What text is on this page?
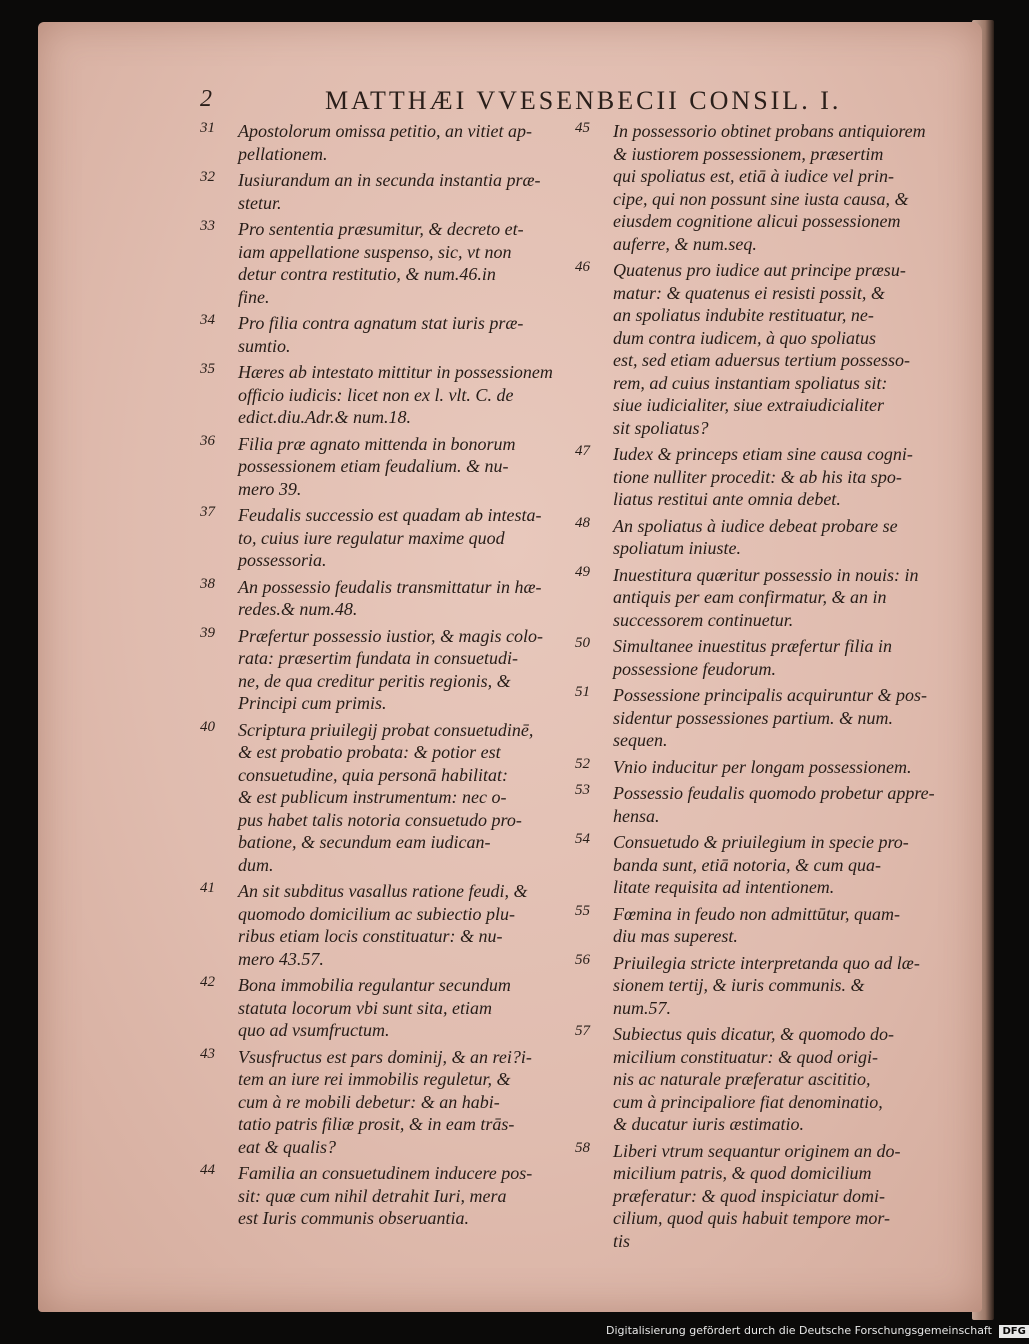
2	MATTHÆI VVESENBECII CONSIL. I.
31	Apostolorum omissa petitio, an vitiet ap-
pellationem.
32	Iusiurandum an in secunda instantia præ-
stetur.
33	Pro sententia præsumitur, & decreto et-
iam appellatione suspenso, sic, vt non
detur contra restitutio, & num.46.in
fine.
34	Pro filia contra agnatum stat iuris præ-
sumtio.
35	Hæres ab intestato mittitur in possessionem
officio iudicis: licet non ex l. vlt. C. de
edict.diu.Adr.& num.18.
36	Filia præ agnato mittenda in bonorum
possessionem etiam feudalium. & nu-
mero 39.
37	Feudalis successio est quadam ab intesta-
to, cuius iure regulatur maxime quod
possessoria.
38	An possessio feudalis transmittatur in hæ-
redes.& num.48.
39	Præfertur possessio iustior, & magis colo-
rata: præsertim fundata in consuetudi-
ne, de qua creditur peritis regionis, &
Principi cum primis.
40	Scriptura priuilegij probat consuetudinē,
& est probatio probata: & potior est
consuetudine, quia personā habilitat:
& est publicum instrumentum: nec o-
pus habet talis notoria consuetudo pro-
batione, & secundum eam iudican-
dum.
41	An sit subditus vasallus ratione feudi, &
quomodo domicilium ac subiectio plu-
ribus etiam locis constituatur: & nu-
mero 43.57.
42	Bona immobilia regulantur secundum
statuta locorum vbi sunt sita, etiam
quo ad vsumfructum.
43	Vsusfructus est pars dominij, & an rei?i-
tem an iure rei immobilis reguletur, &
cum à re mobili debetur: & an habi-
tatio patris filiæ prosit, & in eam trās-
eat & qualis?
44	Familia an consuetudinem inducere pos-
sit: quæ cum nihil detrahit Iuri, mera
est Iuris communis obseruantia.
45	In possessorio obtinet probans antiquiorem
& iustiorem possessionem, præsertim
qui spoliatus est, etiā à iudice vel prin-
cipe, qui non possunt sine iusta causa, &
eiusdem cognitione alicui possessionem
auferre, & num.seq.
46	Quatenus pro iudice aut principe præsu-
matur: & quatenus ei resisti possit, &
an spoliatus indubite restituatur, ne-
dum contra iudicem, à quo spoliatus
est, sed etiam aduersus tertium possesso-
rem, ad cuius instantiam spoliatus sit:
siue iudicialiter, siue extraiudicialiter
sit spoliatus?
47	Iudex & princeps etiam sine causa cogni-
tione nulliter procedit: & ab his ita spo-
liatus restitui ante omnia debet.
48	An spoliatus à iudice debeat probare se
spoliatum iniuste.
49	Inuestitura quæritur possessio in nouis: in
antiquis per eam confirmatur, & an in
successorem continuetur.
50	Simultanee inuestitus præfertur filia in
possessione feudorum.
51	Possessione principalis acquiruntur & pos-
sidentur possessiones partium. & num.
sequen.
52	Vnio inducitur per longam possessionem.
53	Possessio feudalis quomodo probetur appre-
hensa.
54	Consuetudo & priuilegium in specie pro-
banda sunt, etiā notoria, & cum qua-
litate requisita ad intentionem.
55	Fœmina in feudo non admittūtur, quam-
diu mas superest.
56	Priuilegia stricte interpretanda quo ad læ-
sionem tertij, & iuris communis. &
num.57.
57	Subiectus quis dicatur, & quomodo do-
micilium constituatur: & quod origi-
nis ac naturale præferatur ascititio,
cum à principaliore fiat denominatio,
& ducatur iuris æstimatio.
58	Liberi vtrum sequantur originem an do-
micilium patris, & quod domicilium
præferatur: & quod inspiciatur domi-
cilium, quod quis habuit tempore mor-
tis
Digitalisierung gefördert durch die Deutsche Forschungsgemeinschaft DFG
